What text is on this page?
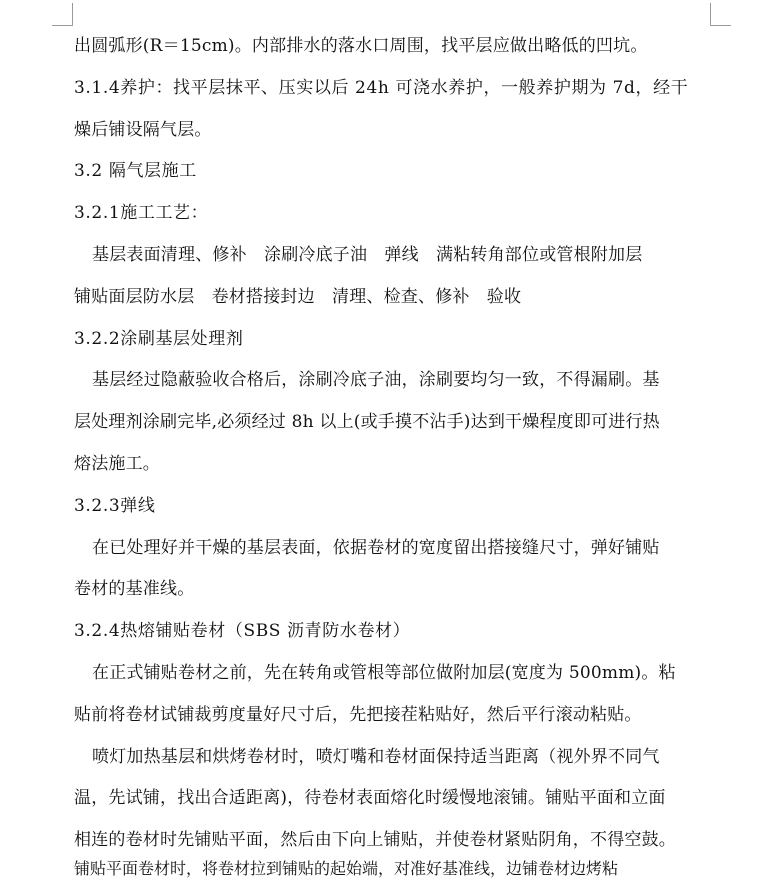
出圆弧形(R＝15cm)。内部排水的落水口周围，找平层应做出略低的凹坑。
3.1.4养护：找平层抹平、压实以后 24h 可浇水养护，一般养护期为 7d，经干
燥后铺设隔气层。
3.2 隔气层施工
3.2.1施工工艺：
基层表面清理、修补　涂刷冷底子油　弹线　满粘转角部位或管根附加层
铺贴面层防水层　卷材搭接封边　清理、检查、修补　验收
3.2.2涂刷基层处理剂
基层经过隐蔽验收合格后，涂刷冷底子油，涂刷要均匀一致，不得漏刷。基
层处理剂涂刷完毕,必须经过 8h 以上(或手摸不沾手)达到干燥程度即可进行热
熔法施工。
3.2.3弹线
在已处理好并干燥的基层表面，依据卷材的宽度留出搭接缝尺寸，弹好铺贴
卷材的基准线。
3.2.4热熔铺贴卷材（SBS 沥青防水卷材）
在正式铺贴卷材之前，先在转角或管根等部位做附加层(宽度为 500mm)。粘
贴前将卷材试铺裁剪度量好尺寸后，先把接茬粘贴好，然后平行滚动粘贴。
喷灯加热基层和烘烤卷材时，喷灯嘴和卷材面保持适当距离（视外界不同气
温，先试铺，找出合适距离)，待卷材表面熔化时缓慢地滚铺。铺贴平面和立面
相连的卷材时先铺贴平面，然后由下向上铺贴，并使卷材紧贴阴角，不得空鼓。
铺贴平面卷材时，将卷材拉到铺贴的起始端，对准好基准线，边铺卷材边烤粘
